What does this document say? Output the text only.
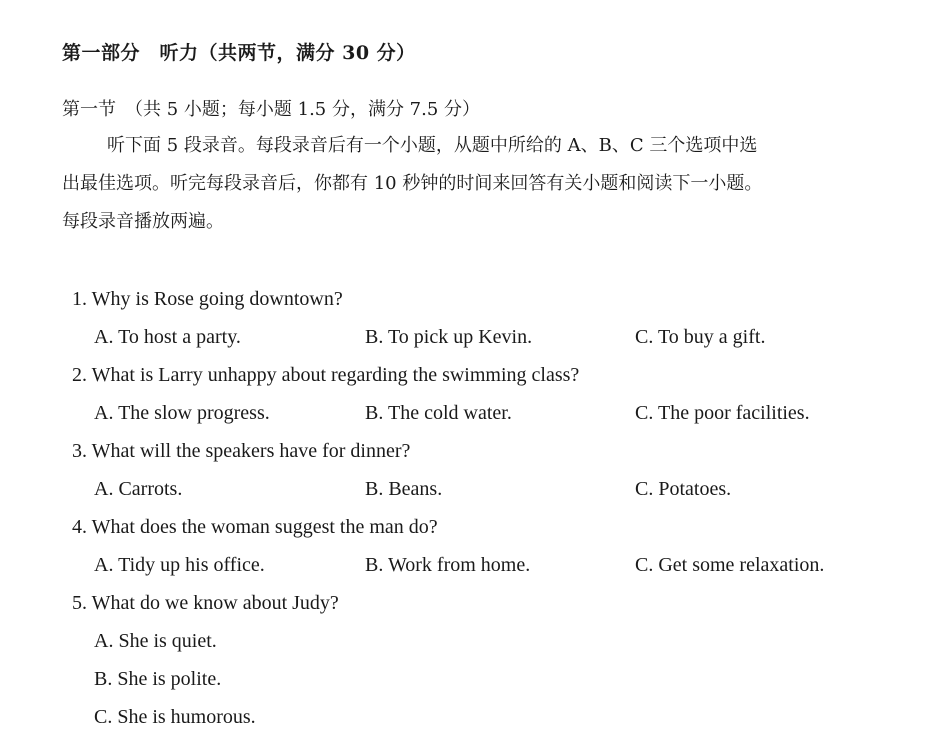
第一部分　听力（共两节，满分 30 分）
第一节　（共 5 小题；每小题 1.5 分，满分 7.5 分）
听下面 5 段录音。每段录音后有一个小题，从题中所给的 A、B、C 三个选项中选
出最佳选项。听完每段录音后，你都有 10 秒钟的时间来回答有关小题和阅读下一小题。
每段录音播放两遍。
1. Why is Rose going downtown?
A. To host a party.	B. To pick up Kevin.	C. To buy a gift.
2. What is Larry unhappy about regarding the swimming class?
A. The slow progress.	B. The cold water.	C. The poor facilities.
3. What will the speakers have for dinner?
A. Carrots.	B. Beans.	C. Potatoes.
4. What does the woman suggest the man do?
A. Tidy up his office.	B. Work from home.	C. Get some relaxation.
5. What do we know about Judy?
A. She is quiet.
B. She is polite.
C. She is humorous.
